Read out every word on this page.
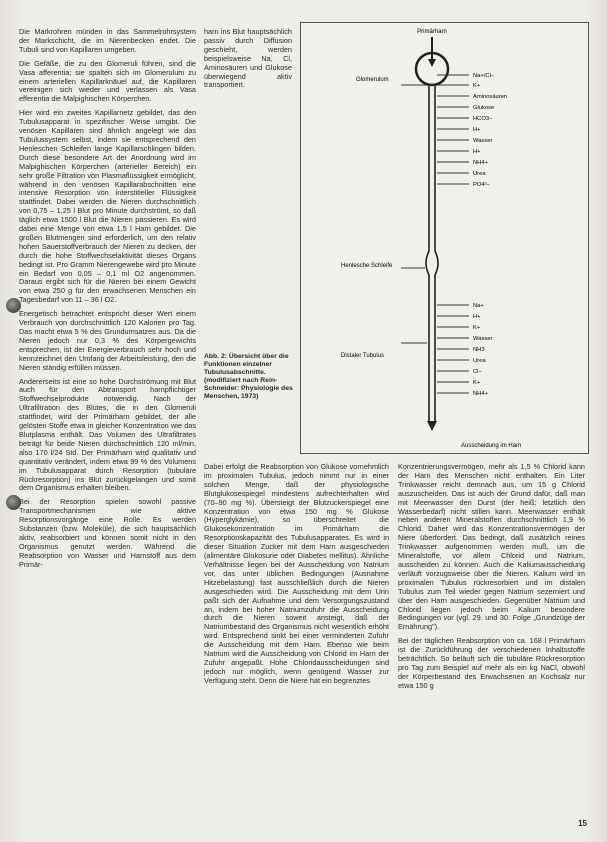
Die Markrohren münden in das Sammelrohrsystem der Markschicht, die im Nierenbecken endet. Die Tubuli sind von Kapillaren umgeben.

Die Gefäße, die zu den Glomeruli führen, sind die Vasa afferentia; sie spalten sich im Glomerulum zu einem arteriellen Kapillarknäuel auf, die Kapillaren vereinigen sich wieder und verlassen als Vasa efferentia die Malpighischen Körperchen.

Hier wird ein zweites Kapillarnetz gebildet, das den Tubulusapparat in spezifischer Weise umgibt. Die venösen Kapillaren sind ähnlich angelegt wie das Tubulussystem selbst, indem sie entsprechend den Henleschen Schleifen lange Kapillarschlingen bilden. Durch diese besondere Art der Anordnung wird im Malpighischen Körperchen (arterieller Bereich) ein sehr große Filtration von Plasmaflüssigkeit ermöglicht, während in den venösen Kapillarabschnitten eine intensive Resorption von interstitieller Flüssigkeit stattfindet. Dabei werden die Nieren durchschnittlich von 0,75 – 1,25 l Blut pro Minute durchströmt, so daß täglich etwa 1500 l Blut die Nieren passieren. Es wird dabei eine Menge von etwa 1,5 l Harn gebildet. Die großen Blutmengen sind erforderlich, um den relativ hohen Sauerstoffverbrauch der Nieren zu decken, der durch die hohe Stoffwechselaktivität dieses Organs bedingt ist. Pro Gramm Nierengewebe wird pro Minute ein Bedarf von 0,05 – 0,1 ml O2 angenommen. Daraus ergibt sich für die Nieren bei einem Gewicht von etwa 250 g für den erwachsenen Menschen ein Tagesbedarf von 11 – 36 l O2.

Energetisch betrachtet entspricht dieser Wert einem Verbrauch von durchschnittlich 120 Kalorien pro Tag. Das macht etwa 5 % des Grundumsatzes aus. Da die Nieren jedoch nur 0,3 % des Körpergewichts entsprechen, ist der Energieverbrauch sehr hoch und kennzeichnet den Umfang der Arbeitsleistung, den die Nieren ständig erfüllen müssen.

Andererseits ist eine so hohe Durchströmung mit Blut auch für den Abtransport harnpflichtiger Stoffwechselprodukte notwendig. Nach der Ultrafiltration des Blutes, die in den Glomeruli stattfindet, wird der Primärharn gebildet, der alle gelösten Stoffe etwa in gleicher Konzentration wie das Blutplasma enthält. Das Volumen des Ultrafiltrates beträgt für beide Nieren durchschnittlich 120 ml/min, also 170 l/24 Std. Der Primärharn wird qualitativ und quantitativ verändert, indem etwa 99 % des Volumens im Tubulusapparat durch Resorption (tubuläre Rückresorption) ins Blut zurückgelangen und somit dem Organismus erhalten bleiben.

Bei der Resorption spielen sowohl passive Transportmechanismen wie aktive Resorptionsvorgänge eine Rolle. Es werden Substanzen (bzw. Moleküle), die sich hauptsächlich aktiv, reabsorbiert und können somit nicht in den Organismus genutzt werden. Während die Reabsorption von Wasser und Harnstoff aus dem Primär-

harn ins Blut hauptsächlich passiv durch Diffusion geschieht, werden beispielsweise Na, Cl, Aminosäuren und Glukose überwiegend aktiv transportiert.

Abb. 2: Übersicht über die Funktionen einzelner Tubulusabschnitte. (modifiziert nach Rein-Schneider: Physiologie des Menschen, 1973)
Primärharn
Glomerulum
Henlesche Schleife
Distaler Tubulus
Ausscheidung im Harn
Na+/Cl−
K+
Aminosäuren
Glukose
HCO3−
H+
Wasser
H+
NH4+
Urea
PO4³−
Na+
H+
K+
Wasser
NH3
Urea
Cl−
K+
NH4+

Dabei erfolgt die Reabsorption von Glukose vornehmlich im proximalen Tubulus, jedoch nimmt nur in einer solchen Menge, daß der physiologische Blutglukosespiegel mindestens aufrechterhalten wird (70–90 mg %). Übersteigt der Blutzuckerspiegel eine Konzentration von etwa 150 mg % Glukose (Hyperglykämie), so überschreitet die Glukosekonzentration im Primärharn die Resorptionskapazität des Tubulusapparates. Es wird in dieser Situation Zucker mit dem Harn ausgeschieden (alimentäre Glukosurie oder Diabetes mellitus). Ähnliche Verhältnisse liegen bei der Ausscheidung von Natrium vor, das unter üblichen Bedingungen (Ausnahme Hitzebelastung) fast ausschließlich durch die Nieren ausgeschieden wird. Die Ausscheidung mit dem Urin paßt sich der Aufnahme und dem Versorgungszustand an, indem bei hoher Natriumzufuhr die Ausscheidung durch die Nieren soweit ansteigt, daß der Natriumbestand des Organismus nicht wesentlich erhöht wird. Entsprechend sinkt bei einer verminderten Zufuhr die Ausscheidung mit dem Harn. Ebenso wie beim Natrium wird die Ausscheidung von Chlorid im Harn der Zufuhr angepaßt. Hohe Chloridausscheidungen sind jedoch nur möglich, wenn genügend Wasser zur Verfügung steht. Denn die Niere hat ein begrenztes

Konzentrierungsvermögen, mehr als 1,5 % Chlorid kann der Harn des Menschen nicht enthalten. Ein Liter Trinkwasser reicht demnach aus, um 15 g Chlorid auszuscheiden. Das ist auch der Grund dafür, daß man mit Meerwasser den Durst (der heiß: letztlich den Wasserbedarf) nicht stillen kann. Meerwasser enthält neben anderen Mineralstoffen durchschnittlich 1,9 % Chlorid. Daher wird das Konzentrationsvermögen der Niere überfordert. Das bedingt, daß zusätzlich reines Trinkwasser aufgenommen werden muß, um die Mineralstoffe, vor allem Chlorid und Natrium, ausscheiden zu können. Auch die Kaliumausscheidung verläuft vorzugsweise über die Nieren. Kalium wird im proximalen Tubulus rückresorbiert und im distalen Tubulus zum Teil wieder gegen Natrium sezerniert und über den Harn ausgeschieden. Gegenüber Natrium und Chlorid liegen jedoch beim Kalium besondere Bedingungen vor (vgl. 29. und 30. Folge „Grundzüge der Ernährung").

Bei der täglichen Reabsorption von ca. 168 l Primärharn ist die Zurückführung der verschiedenen Inhaltsstoffe beträchtlich. So beläuft sich die tubuläre Rückresorption pro Tag zum Beispiel auf mehr als ein kg NaCl, obwohl der Körperbestand des Erwachsenen an Kochsalz nur etwa 150 g

15
